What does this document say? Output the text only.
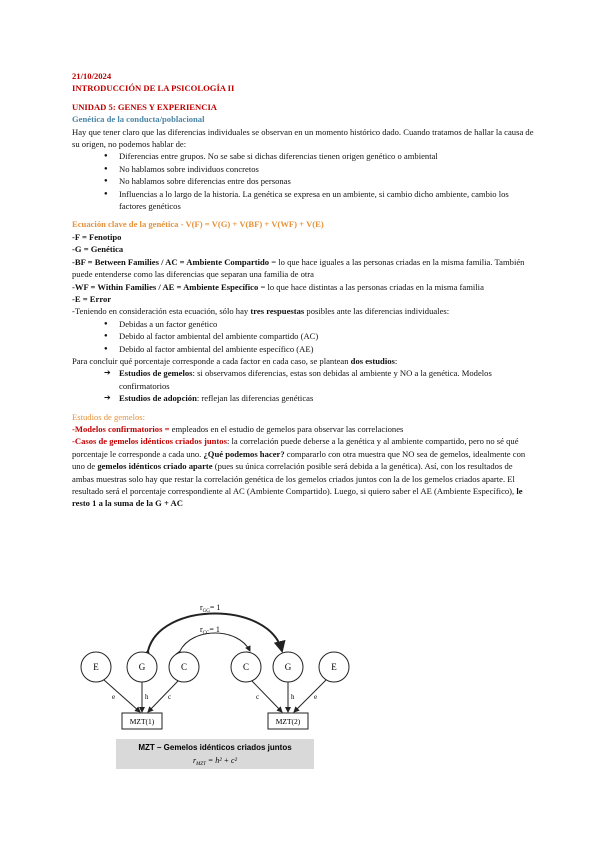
21/10/2024

INTRODUCCIÓN DE LA PSICOLOGÍA II

UNIDAD 5: GENES Y EXPERIENCIA

Genética de la conducta/poblacional

Hay que tener claro que las diferencias individuales se observan en un momento histórico dado. Cuando tratamos de hallar la causa de su origen, no podemos hablar de:

● Diferencias entre grupos. No se sabe si dichas diferencias tienen origen genético o ambiental
● No hablamos sobre individuos concretos
● No hablamos sobre diferencias entre dos personas
● Influencias a lo largo de la historia. La genética se expresa en un ambiente, si cambio dicho ambiente, cambio los factores genéticos

Ecuación clave de la genética - V(F) = V(G) + V(BF) + V(WF) + V(E)

-F = Fenotipo

-G = Genética

-BF = Between Families / AC = Ambiente Compartido = lo que hace iguales a las personas criadas en la misma familia. También puede entenderse como las diferencias que separan una familia de otra

-WF = Within Families / AE = Ambiente Específico = lo que hace distintas a las personas criadas en la misma familia

-E = Error

-Teniendo en consideración esta ecuación, sólo hay tres respuestas posibles ante las diferencias individuales:

● Debidas a un factor genético
● Debido al factor ambiental del ambiente compartido (AC)
● Debido al factor ambiental del ambiente específico (AE)

Para concluir qué porcentaje corresponde a cada factor en cada caso, se plantean dos estudios:

➔ Estudios de gemelos: si observamos diferencias, estas son debidas al ambiente y NO a la genética. Modelos confirmatorios
➔ Estudios de adopción: reflejan las diferencias genéticas

Estudios de gemelos:

-Modelos confirmatorios = empleados en el estudio de gemelos para observar las correlaciones

-Casos de gemelos idénticos criados juntos: la correlación puede deberse a la genética y al ambiente compartido, pero no sé qué porcentaje le corresponde a cada uno. ¿Qué podemos hacer? compararlo con otra muestra que NO sea de gemelos, idealmente con uno de gemelos idénticos criado aparte (pues su única correlación posible será debida a la genética). Así, con los resultados de ambas muestras solo hay que restar la correlación genética de los gemelos criados juntos con la de los gemelos criados aparte. El resultado será el porcentaje correspondiente al AC (Ambiente Compartido). Luego, si quiero saber el AE (Ambiente Específico), le resto 1 a la suma de la G + AC

$r_{GG}= 1$
$r_{CC}= 1$
E	G	C	C	G	E
e	h	c	c	h	e
MZT(1)	MZT(2)
MZT – Gemelos idénticos criados juntos
$r_{MZT} = h^2 + c^2$
